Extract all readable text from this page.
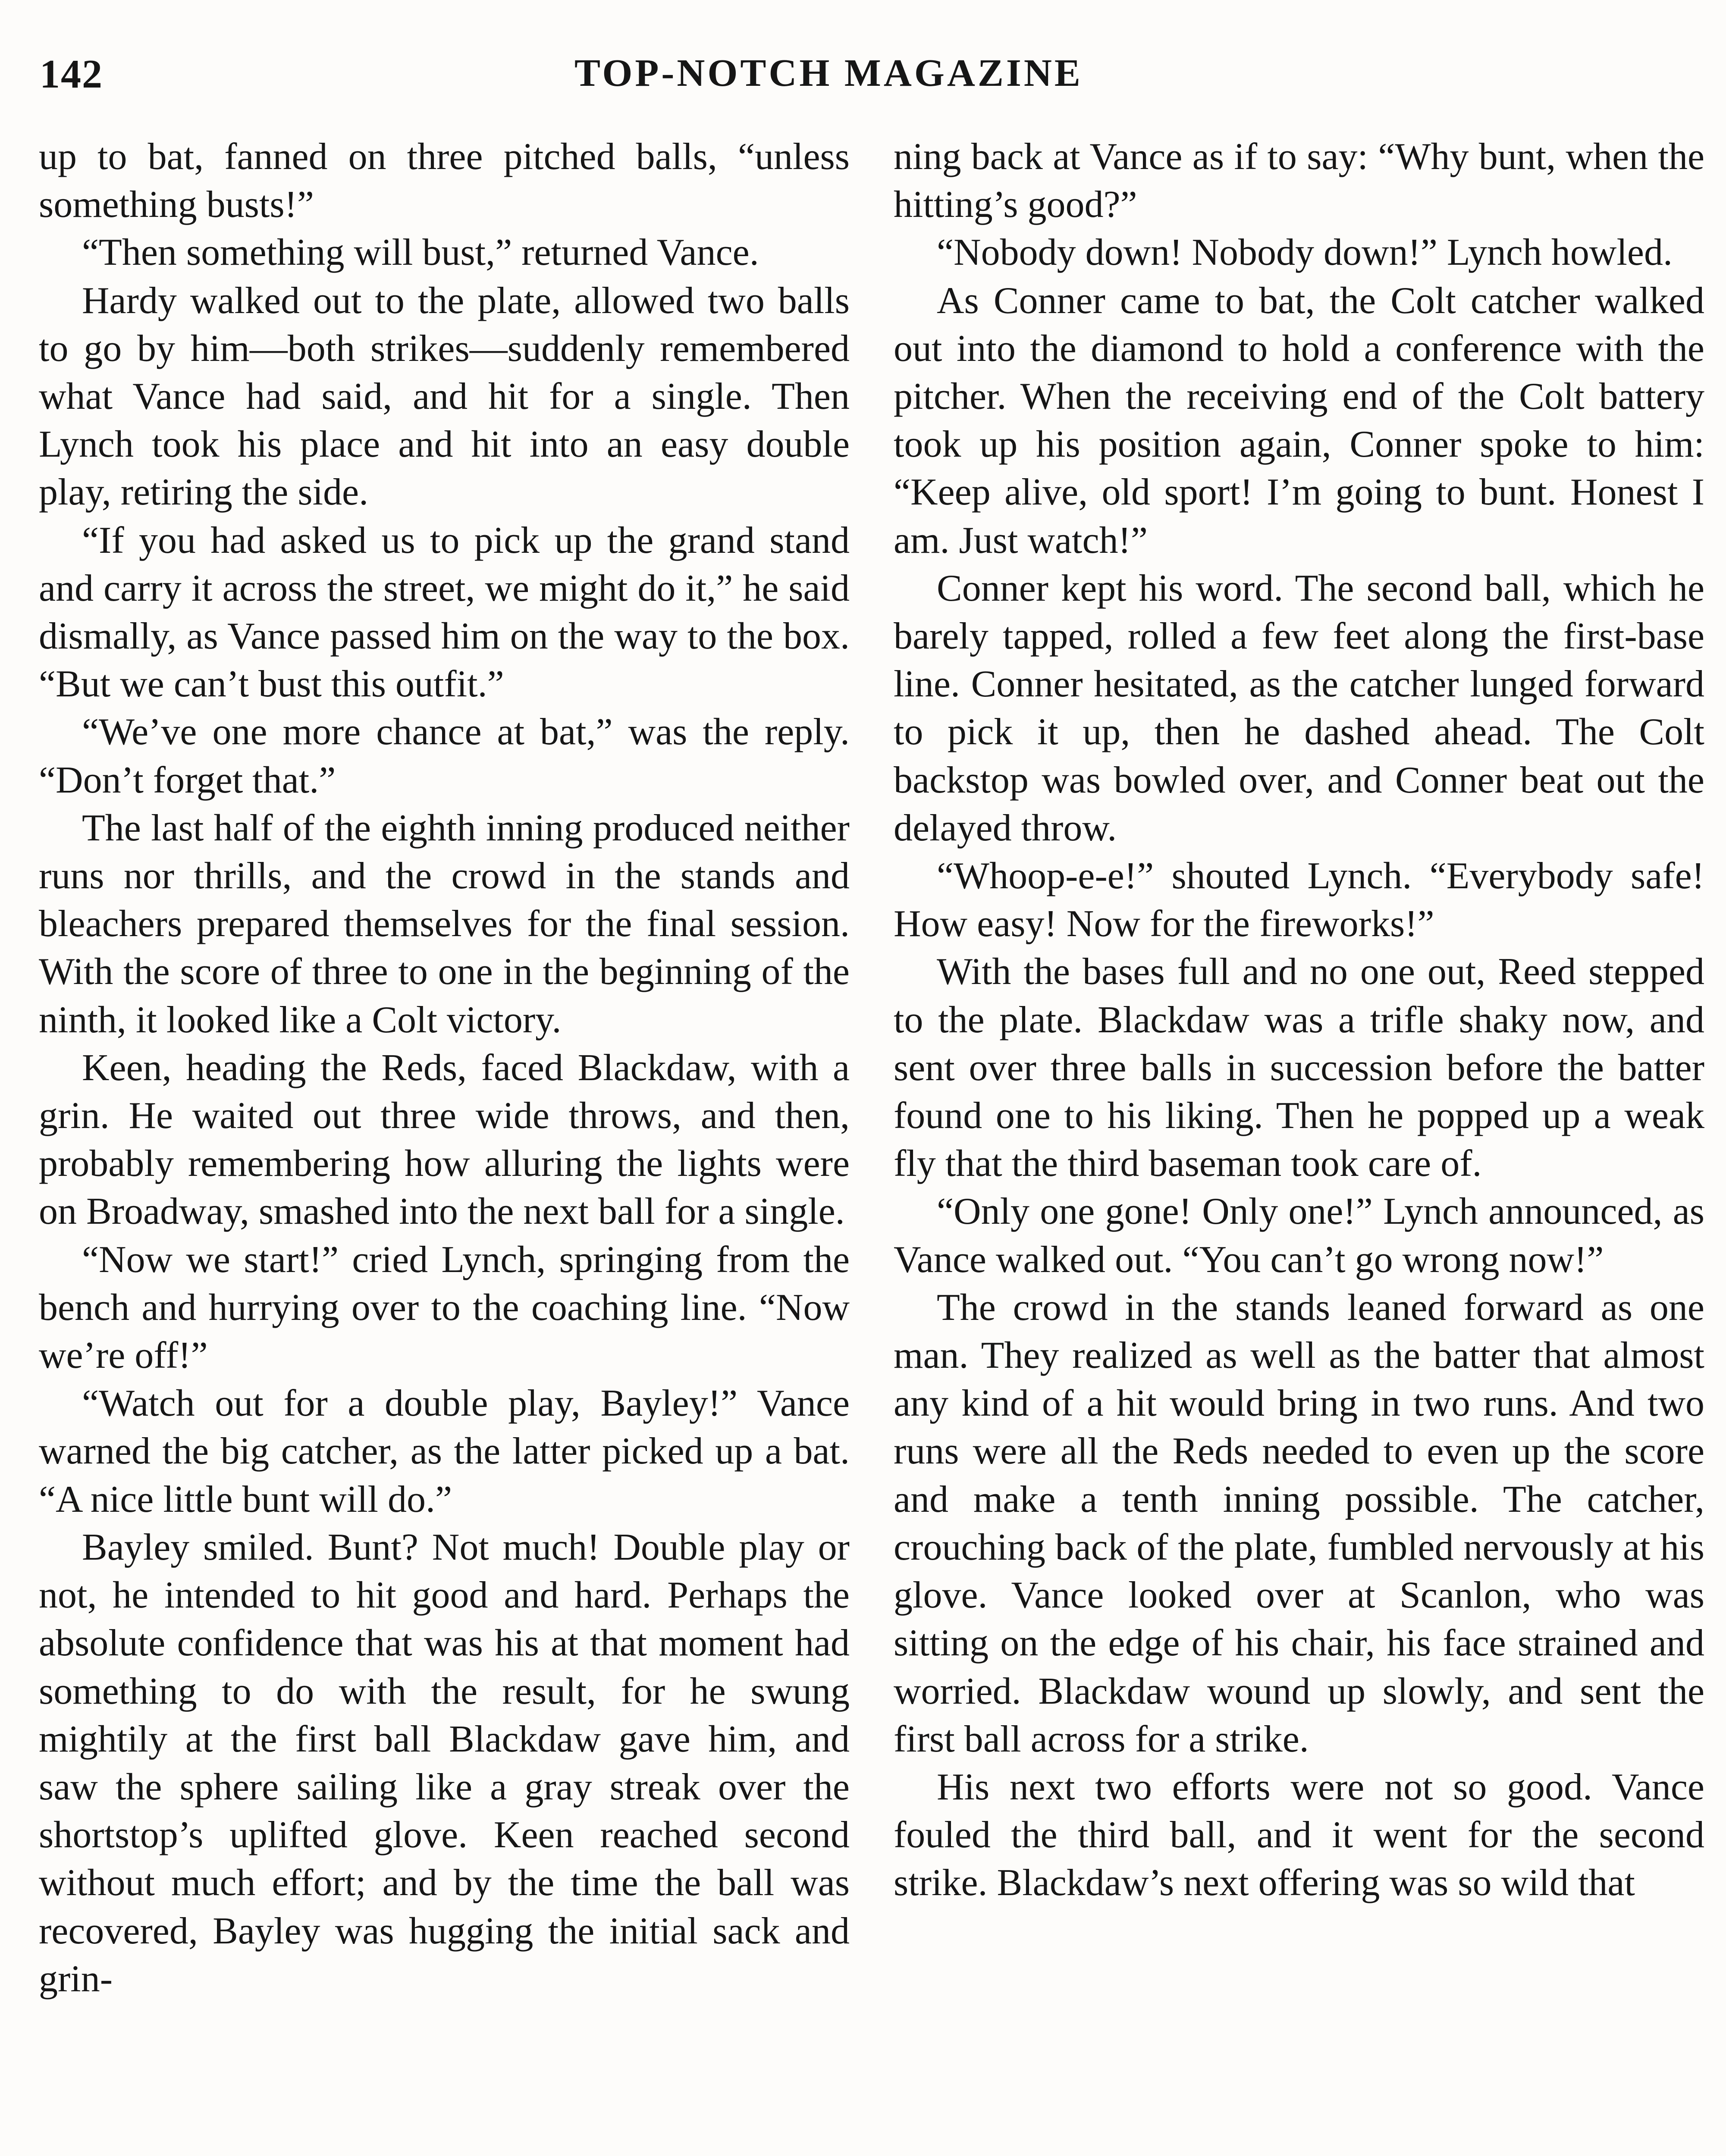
142	TOP-NOTCH MAGAZINE

up to bat, fanned on three pitched balls, “unless something busts!”

“Then something will bust,” returned Vance.

Hardy walked out to the plate, allowed two balls to go by him—both strikes—suddenly remembered what Vance had said, and hit for a single. Then Lynch took his place and hit into an easy double play, retiring the side.

“If you had asked us to pick up the grand stand and carry it across the street, we might do it,” he said dismally, as Vance passed him on the way to the box. “But we can’t bust this outfit.”

“We’ve one more chance at bat,” was the reply. “Don’t forget that.”

The last half of the eighth inning produced neither runs nor thrills, and the crowd in the stands and bleachers prepared themselves for the final session. With the score of three to one in the beginning of the ninth, it looked like a Colt victory.

Keen, heading the Reds, faced Blackdaw, with a grin. He waited out three wide throws, and then, probably remembering how alluring the lights were on Broadway, smashed into the next ball for a single.

“Now we start!” cried Lynch, springing from the bench and hurrying over to the coaching line. “Now we’re off!”

“Watch out for a double play, Bayley!” Vance warned the big catcher, as the latter picked up a bat. “A nice little bunt will do.”

Bayley smiled. Bunt? Not much! Double play or not, he intended to hit good and hard. Perhaps the absolute confidence that was his at that moment had something to do with the result, for he swung mightily at the first ball Blackdaw gave him, and saw the sphere sailing like a gray streak over the shortstop’s uplifted glove. Keen reached second without much effort; and by the time the ball was recovered, Bayley was hugging the initial sack and grin-

ning back at Vance as if to say: “Why bunt, when the hitting’s good?”

“Nobody down! Nobody down!” Lynch howled.

As Conner came to bat, the Colt catcher walked out into the diamond to hold a conference with the pitcher. When the receiving end of the Colt battery took up his position again, Conner spoke to him: “Keep alive, old sport! I’m going to bunt. Honest I am. Just watch!”

Conner kept his word. The second ball, which he barely tapped, rolled a few feet along the first-base line. Conner hesitated, as the catcher lunged forward to pick it up, then he dashed ahead. The Colt backstop was bowled over, and Conner beat out the delayed throw.

“Whoop-e-e!” shouted Lynch. “Everybody safe! How easy! Now for the fireworks!”

With the bases full and no one out, Reed stepped to the plate. Blackdaw was a trifle shaky now, and sent over three balls in succession before the batter found one to his liking. Then he popped up a weak fly that the third baseman took care of.

“Only one gone! Only one!” Lynch announced, as Vance walked out. “You can’t go wrong now!”

The crowd in the stands leaned forward as one man. They realized as well as the batter that almost any kind of a hit would bring in two runs. And two runs were all the Reds needed to even up the score and make a tenth inning possible. The catcher, crouching back of the plate, fumbled nervously at his glove. Vance looked over at Scanlon, who was sitting on the edge of his chair, his face strained and worried. Blackdaw wound up slowly, and sent the first ball across for a strike.

His next two efforts were not so good. Vance fouled the third ball, and it went for the second strike. Blackdaw’s next offering was so wild that
